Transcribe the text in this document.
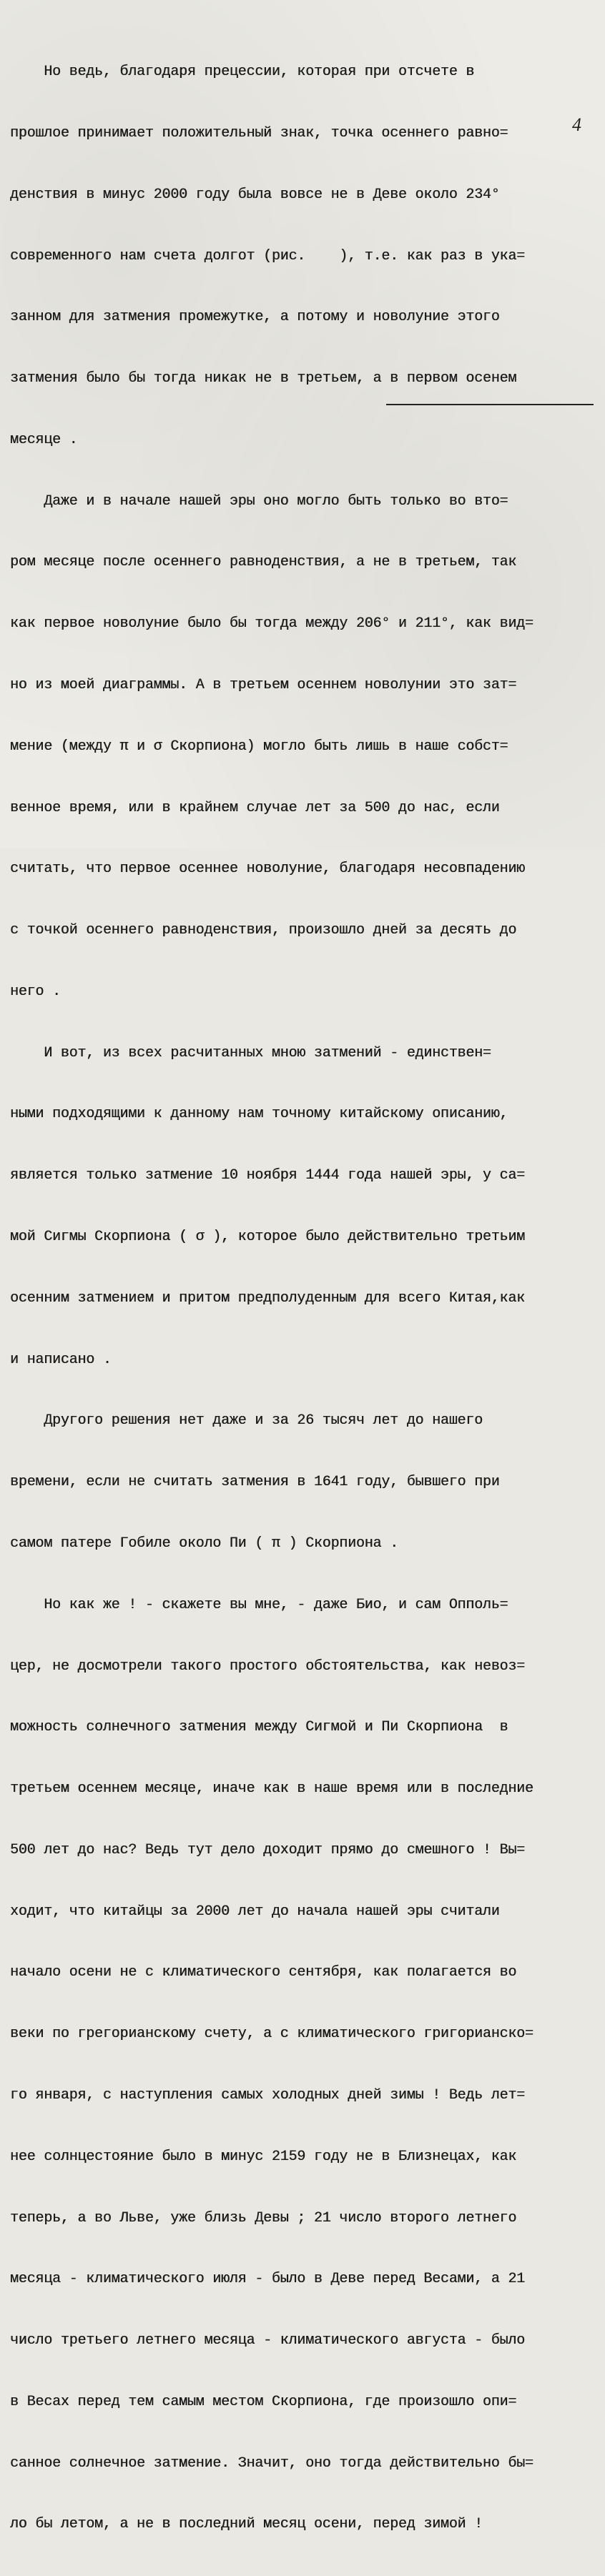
4

Но ведь, благодаря прецессии, которая при отсчете в

прошлое принимает положительный знак, точка осеннего равно=

денствия в минус 2000 году была вовсе не в Деве около 234°

современного нам счета долгот (рис.    ), т.е. как раз в ука=

занном для затмения промежутке, а потому и новолуние этого

затмения было бы тогда никак не в третьем, а в первом осенем

месяце .

Даже и в начале нашей эры оно могло быть только во вто=

ром месяце после осеннего равноденствия, а не в третьем, так

как первое новолуние было бы тогда между 206° и 211°, как вид=

но из моей диаграммы. А в третьем осеннем новолунии это зат=

мение (между π и σ Скорпиона) могло быть лишь в наше собст=

венное время, или в крайнем случае лет за 500 до нас, если

считать, что первое осеннее новолуние, благодаря несовпадению

с точкой осеннего равноденствия, произошло дней за десять до

него .

И вот, из всех расчитанных мною затмений - единствен=

ными подходящими к данному нам точному китайскому описанию,

является только затмение 10 ноября 1444 года нашей эры, у са=

мой Сигмы Скорпиона ( σ ), которое было действительно третьим

осенним затмением и притом предполуденным для всего Китая,как

и написано .

Другого решения нет даже и за 26 тысяч лет до нашего

времени, если не считать затмения в 1641 году, бывшего при

самом патере Гобиле около Пи ( π ) Скорпиона .

Но как же ! - скажете вы мне, - даже Био, и сам Опполь=

цер, не досмотрели такого простого обстоятельства, как невоз=

можность солнечного затмения между Сигмой и Пи Скорпиона  в

третьем осеннем месяце, иначе как в наше время или в последние

500 лет до нас? Ведь тут дело доходит прямо до смешного ! Вы=

ходит, что китайцы за 2000 лет до начала нашей эры считали

начало осени не с климатического сентября, как полагается во

веки по грегорианскому счету, а с климатического григорианско=

го января, с наступления самых холодных дней зимы ! Ведь лет=

нее солнцестояние было в минус 2159 году не в Близнецах, как

теперь, а во Льве, уже близь Девы ; 21 число второго летнего

месяца - климатического июля - было в Деве перед Весами, а 21

число третьего летнего месяца - климатического августа - было

в Весах перед тем самым местом Скорпиона, где произошло опи=

санное солнечное затмение. Значит, оно тогда действительно бы=

ло бы летом, а не в последний месяц осени, перед зимой !
